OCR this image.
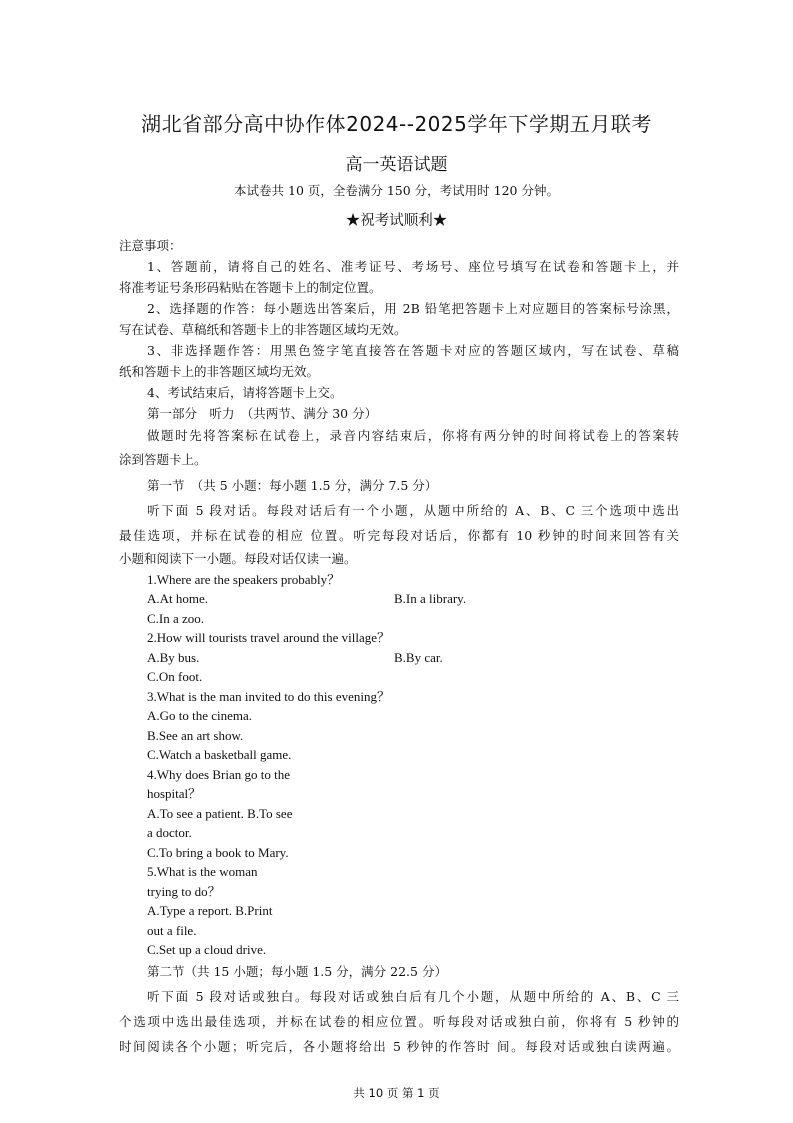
湖北省部分高中协作体2024--2025学年下学期五月联考
高一英语试题
本试卷共 10 页，全卷满分 150 分，考试用时 120 分钟。
★祝考试顺利★
注意事项：
1、答题前，请将自己的姓名、准考证号、考场号、座位号填写在试卷和答题卡上，并
将准考证号条形码粘贴在答题卡上的制定位置。
2、选择题的作答：每小题选出答案后，用 2B 铅笔把答题卡上对应题目的答案标号涂黑，
写在试卷、草稿纸和答题卡上的非答题区域均无效。
3、非选择题作答：用黑色签字笔直接答在答题卡对应的答题区域内，写在试卷、草稿
纸和答题卡上的非答题区域均无效。
4、考试结束后，请将答题卡上交。
第一部分　听力　（共两节、满分 30 分）
做题时先将答案标在试卷上，录音内容结束后，你将有两分钟的时间将试卷上的答案转
涂到答题卡上。
第一节　（共 5 小题：每小题 1.5 分，满分 7.5 分）
听下面 5 段对话。每段对话后有一个小题，从题中所给的 A、B、C 三个选项中选出
最佳选项，并标在试卷的相应 位置。听完每段对话后，你都有 10 秒钟的时间来回答有关
小题和阅读下一小题。每段对话仅读一遍。
1.Where are the speakers probably？
A.At home.	B.In a library.
C.In a zoo.
2.How will tourists travel around the village？
A.By bus.	B.By car.
C.On foot.
3.What is the man invited to do this evening？
A.Go to the cinema.
B.See an art show.
C.Watch a basketball game.
4.Why does Brian go to the
hospital？
A.To see a patient. B.To see
a doctor.
C.To bring a book to Mary.
5.What is the woman
trying to do？
A.Type a report. B.Print
out a file.
C.Set up a cloud drive.
第二节（共 15 小题；每小题 1.5 分，满分 22.5 分）
听下面 5 段对话或独白。每段对话或独白后有几个小题，从题中所给的 A、B、C 三
个选项中选出最佳选项，并标在试卷的相应位置。听每段对话或独白前，你将有 5 秒钟的
时间阅读各个小题；听完后，各小题将给出 5 秒钟的作答时 间。每段对话或独白读两遍。
共 10 页 第 1 页
